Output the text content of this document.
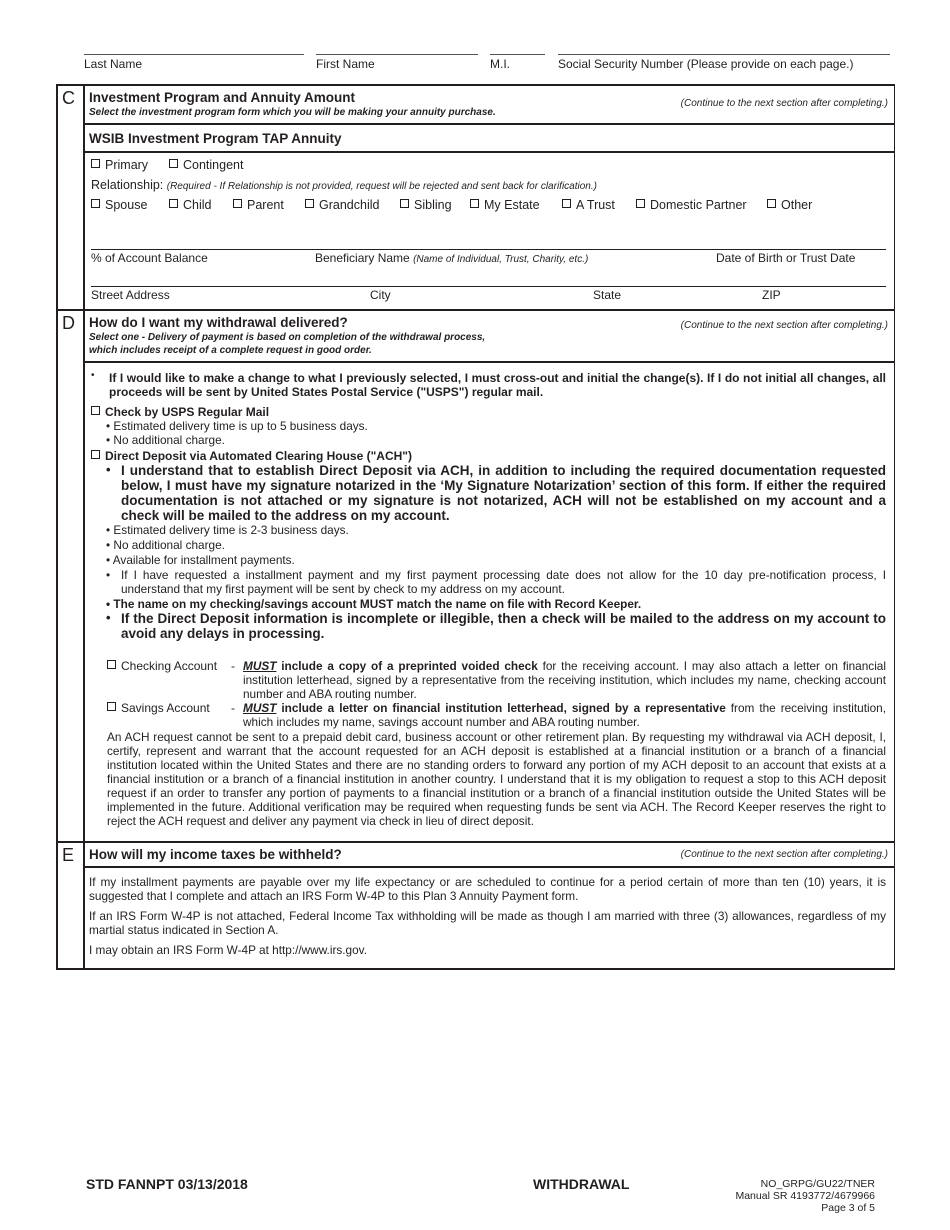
Last Name	First Name	M.I.	Social Security Number (Please provide on each page.)
C Investment Program and Annuity Amount
Select the investment program form which you will be making your annuity purchase.
(Continue to the next section after completing.)
WSIB Investment Program TAP Annuity
Primary	Contingent
Relationship: (Required - If Relationship is not provided, request will be rejected and sent back for clarification.)
Spouse	Child	Parent	Grandchild	Sibling	My Estate	A Trust	Domestic Partner	Other
% of Account Balance	Beneficiary Name (Name of Individual, Trust, Charity, etc.)	Date of Birth or Trust Date
Street Address	City	State	ZIP
D How do I want my withdrawal delivered?
Select one - Delivery of payment is based on completion of the withdrawal process,
which includes receipt of a complete request in good order.
(Continue to the next section after completing.)
• If I would like to make a change to what I previously selected, I must cross-out and initial the change(s). If I do not initial all changes, all proceeds will be sent by United States Postal Service ("USPS") regular mail.
Check by USPS Regular Mail
• Estimated delivery time is up to 5 business days.
• No additional charge.
Direct Deposit via Automated Clearing House ("ACH")
• I understand that to establish Direct Deposit via ACH, in addition to including the required documentation requested below, I must have my signature notarized in the ‘My Signature Notarization’ section of this form. If either the required documentation is not attached or my signature is not notarized, ACH will not be established on my account and a check will be mailed to the address on my account.
• Estimated delivery time is 2-3 business days.
• No additional charge.
• Available for installment payments.
• If I have requested a installment payment and my first payment processing date does not allow for the 10 day pre-notification process, I understand that my first payment will be sent by check to my address on my account.
• The name on my checking/savings account MUST match the name on file with Record Keeper.
• If the Direct Deposit information is incomplete or illegible, then a check will be mailed to the address on my account to avoid any delays in processing.
Checking Account - MUST include a copy of a preprinted voided check for the receiving account. I may also attach a letter on financial institution letterhead, signed by a representative from the receiving institution, which includes my name, checking account number and ABA routing number.
Savings Account - MUST include a letter on financial institution letterhead, signed by a representative from the receiving institution, which includes my name, savings account number and ABA routing number.
An ACH request cannot be sent to a prepaid debit card, business account or other retirement plan. By requesting my withdrawal via ACH deposit, I, certify, represent and warrant that the account requested for an ACH deposit is established at a financial institution or a branch of a financial institution located within the United States and there are no standing orders to forward any portion of my ACH deposit to an account that exists at a financial institution or a branch of a financial institution in another country. I understand that it is my obligation to request a stop to this ACH deposit request if an order to transfer any portion of payments to a financial institution or a branch of a financial institution outside the United States will be implemented in the future. Additional verification may be required when requesting funds be sent via ACH. The Record Keeper reserves the right to reject the ACH request and deliver any payment via check in lieu of direct deposit.
E How will my income taxes be withheld?	(Continue to the next section after completing.)
If my installment payments are payable over my life expectancy or are scheduled to continue for a period certain of more than ten (10) years, it is suggested that I complete and attach an IRS Form W-4P to this Plan 3 Annuity Payment form.
If an IRS Form W-4P is not attached, Federal Income Tax withholding will be made as though I am married with three (3) allowances, regardless of my martial status indicated in Section A.
I may obtain an IRS Form W-4P at http://www.irs.gov.
STD FANNPT 03/13/2018	WITHDRAWAL	NO_GRPG/GU22/TNER
Manual SR 4193772/4679966
Page 3 of 5
